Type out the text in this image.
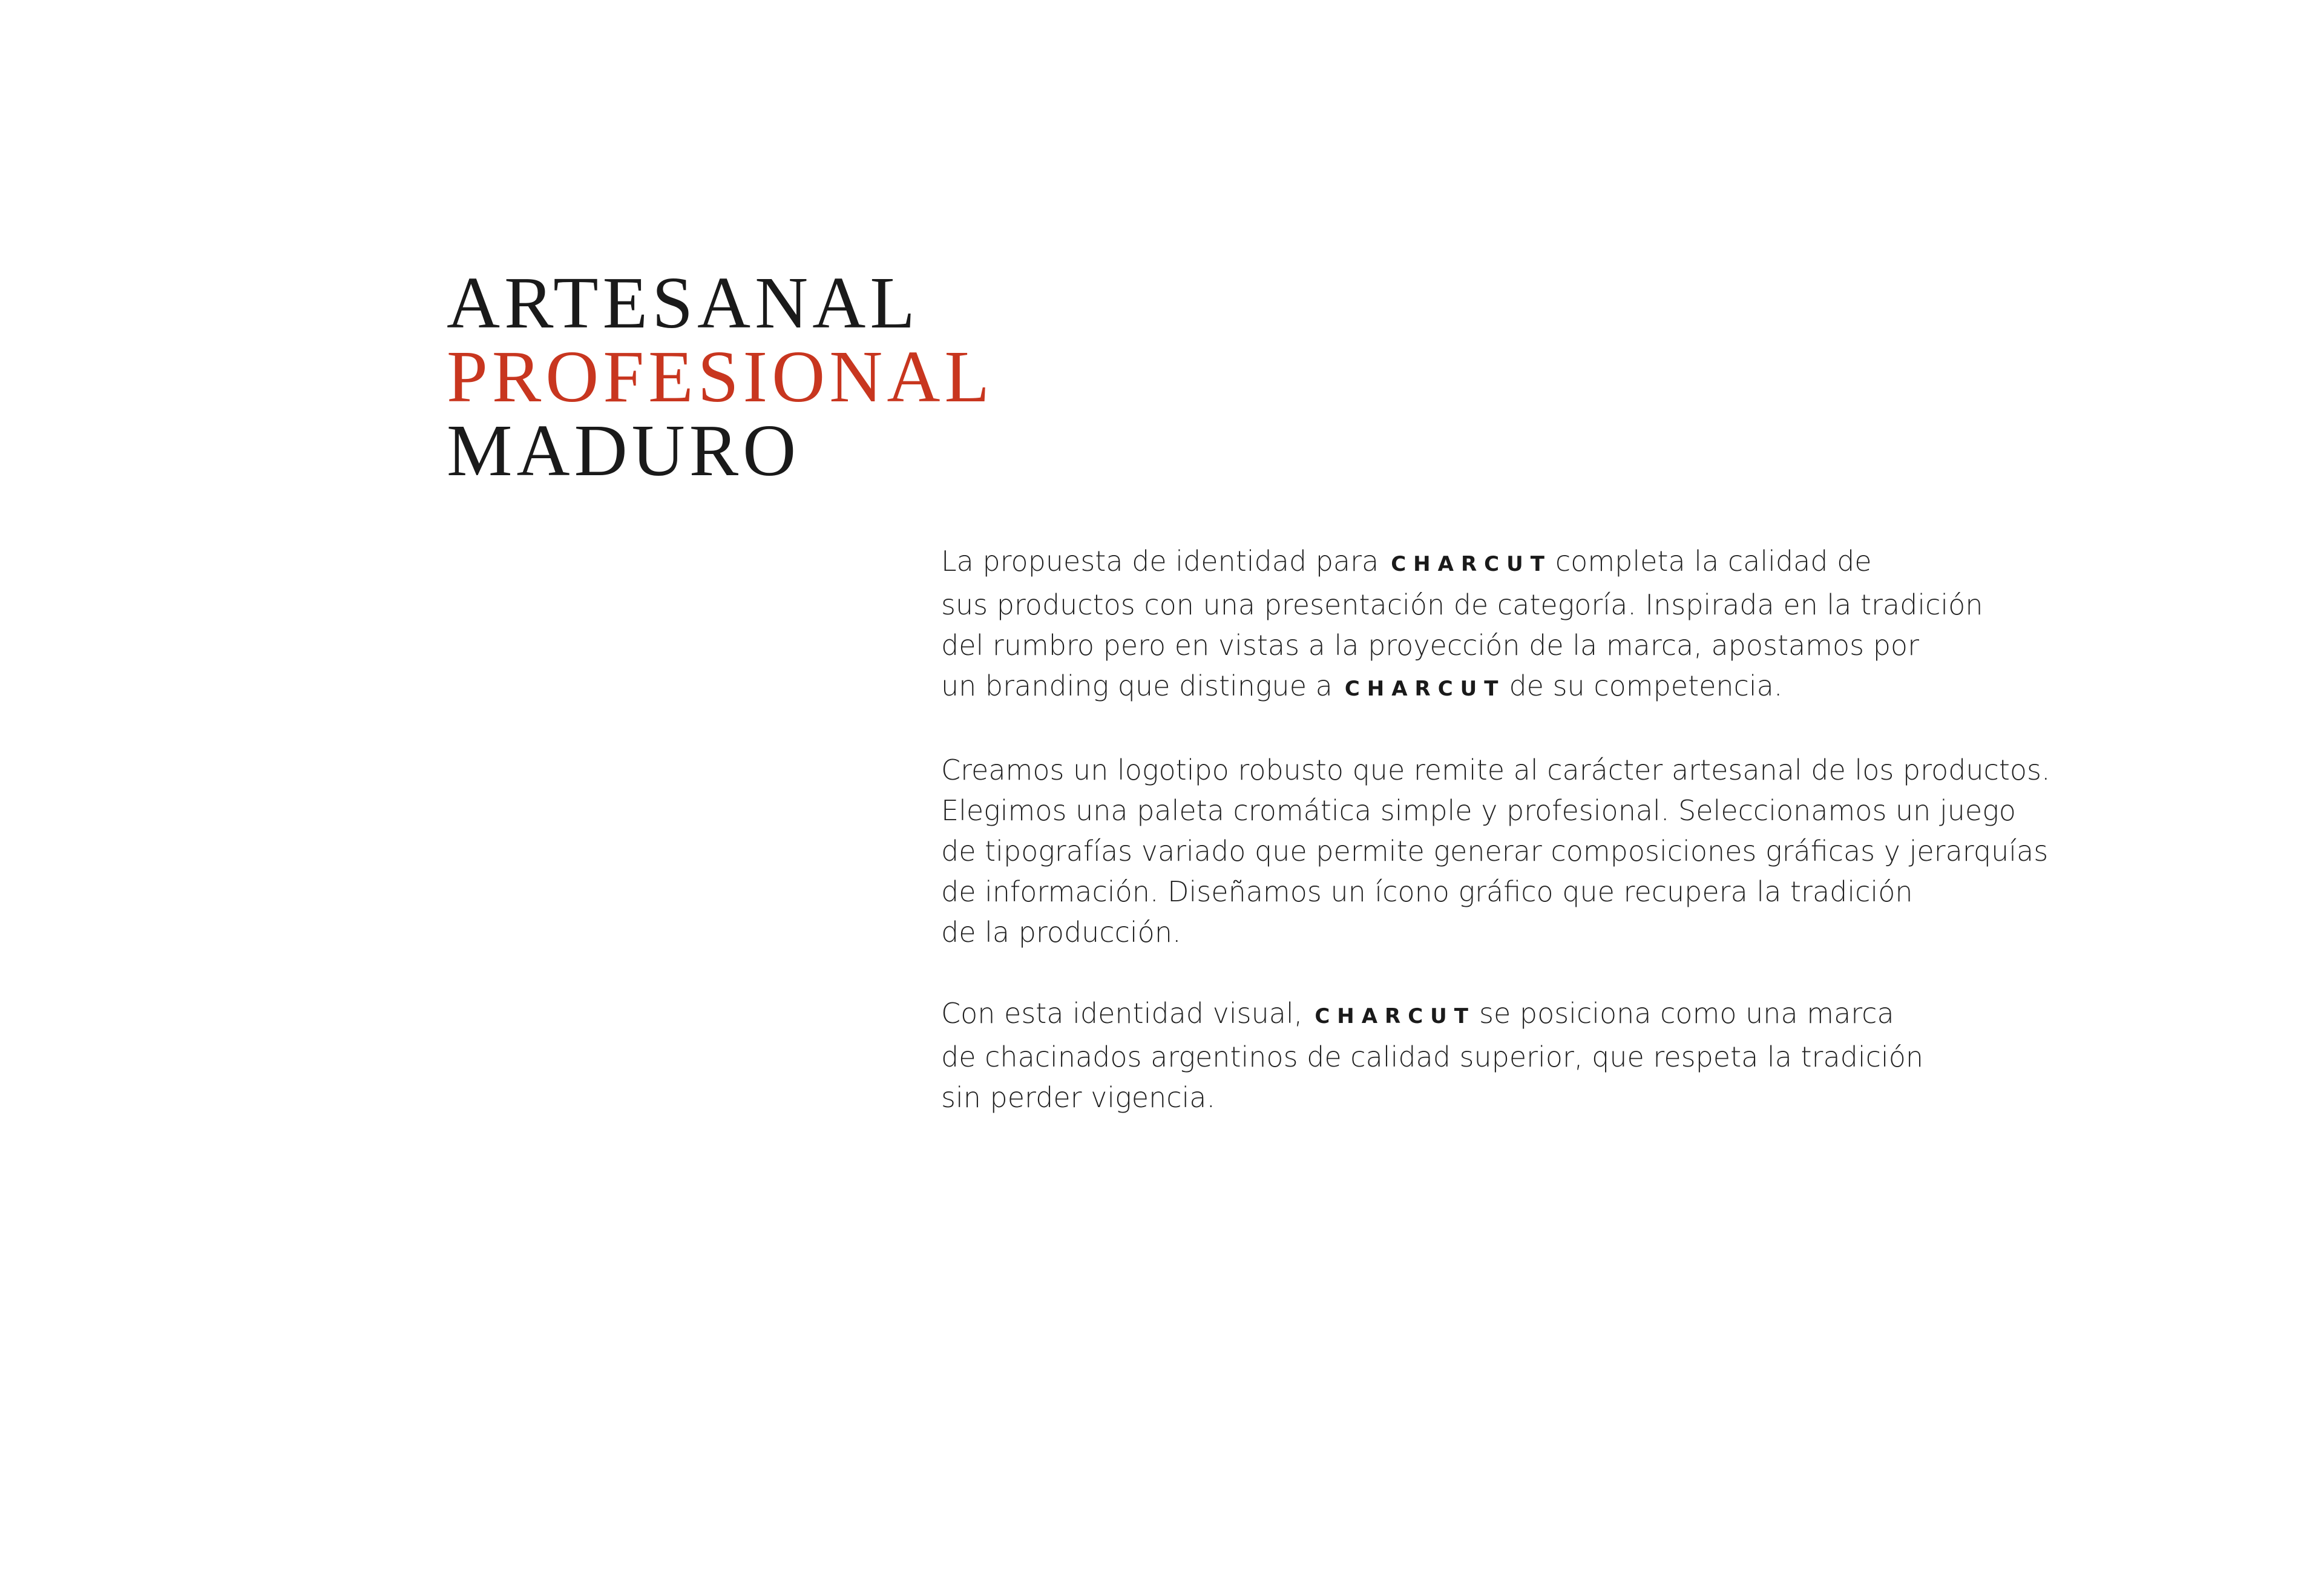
ARTESANAL
PROFESIONAL
MADURO

La propuesta de identidad para CHARCUT completa la calidad de
sus productos con una presentación de categoría. Inspirada en la tradición
del rumbro pero en vistas a la proyección de la marca, apostamos por
un branding que distingue a CHARCUT de su competencia.

Creamos un logotipo robusto que remite al carácter artesanal de los productos.
Elegimos una paleta cromática simple y profesional. Seleccionamos un juego
de tipografías variado que permite generar composiciones gráficas y jerarquías
de información. Diseñamos un ícono gráfico que recupera la tradición
de la producción.

Con esta identidad visual, CHARCUT se posiciona como una marca
de chacinados argentinos de calidad superior, que respeta la tradición
sin perder vigencia.
